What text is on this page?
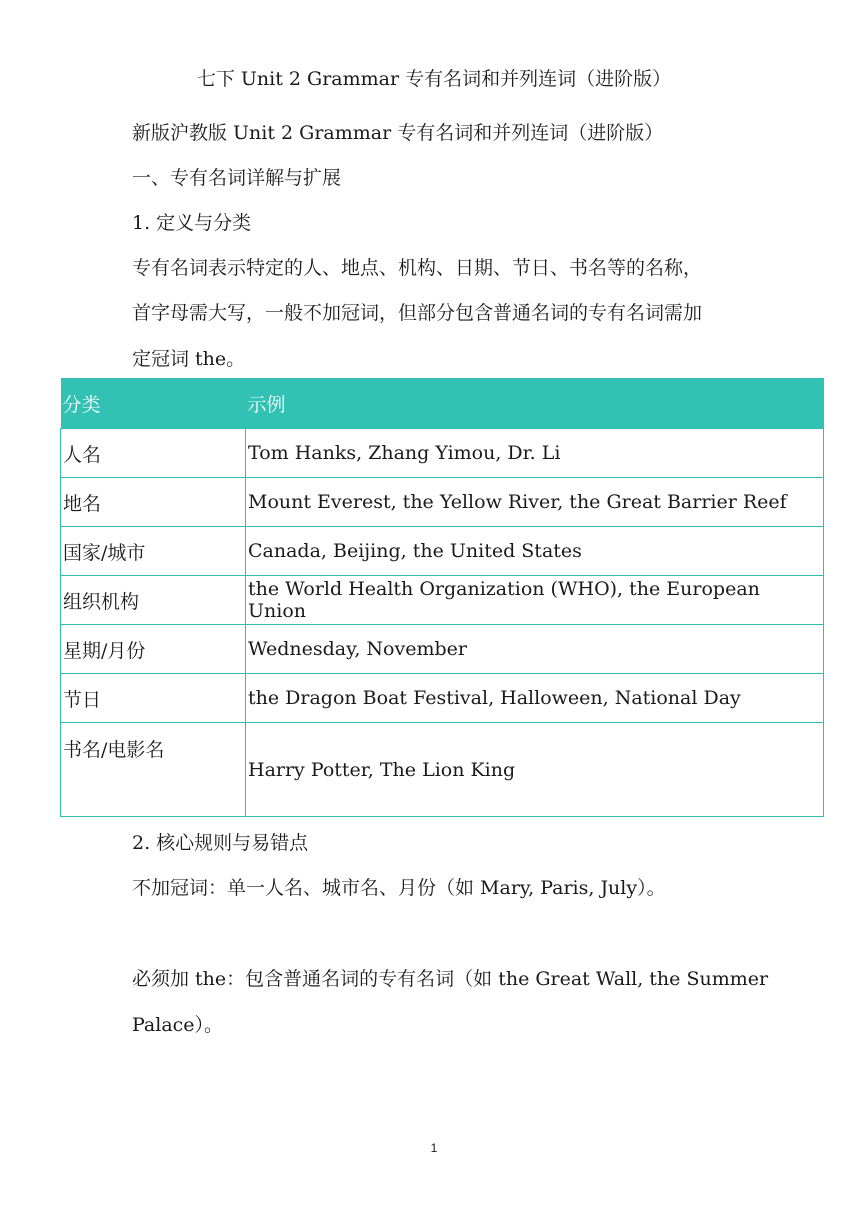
七下 Unit 2 Grammar 专有名词和并列连词（进阶版）
新版沪教版 Unit 2 Grammar 专有名词和并列连词（进阶版）
一、专有名词详解与扩展
1. 定义与分类
专有名词表示特定的人、地点、机构、日期、节日、书名等的名称，
首字母需大写，一般不加冠词，但部分包含普通名词的专有名词需加
定冠词 the。
分类	示例
人名	Tom Hanks, Zhang Yimou, Dr. Li
地名	Mount Everest, the Yellow River, the Great Barrier Reef
国家/城市	Canada, Beijing, the United States
组织机构	the World Health Organization (WHO), the European Union
星期/月份	Wednesday, November
节日	the Dragon Boat Festival, Halloween, National Day
书名/电影名	Harry Potter, The Lion King
2. 核心规则与易错点
不加冠词：单一人名、城市名、月份（如 Mary, Paris, July）。
必须加 the：包含普通名词的专有名词（如 the Great Wall, the Summer
Palace）。
1
